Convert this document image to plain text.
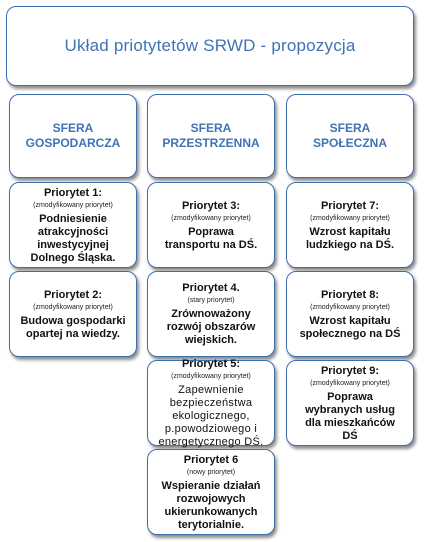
Układ priotytetów SRWD - propozycja
SFERA
GOSPODARCZA
SFERA
PRZESTRZENNA
SFERA
SPOŁECZNA
Priorytet 1:
(zmodyfikowany priorytet)
Podniesienie
atrakcyjności
inwestycyjnej
Dolnego Śląska.
Priorytet 2:
(zmodyfikowany priorytet)
Budowa gospodarki
opartej na wiedzy.
Priorytet 3:
(zmodyfikowany priorytet)
Poprawa
transportu na DŚ.
Priorytet 4.
(stary priorytet)
Zrównoważony
rozwój obszarów
wiejskich.
Priorytet 5:
(zmodyfikowany priorytet)
Zapewnienie
bezpieczeństwa
ekologicznego,
p.powodziowego i
energetycznego DŚ.
Priorytet 6
(nowy priorytet)
Wspieranie działań
rozwojowych
ukierunkowanych
terytorialnie.
Priorytet 7:
(zmodyfikowany priorytet)
Wzrost kapitału
ludzkiego na DŚ.
Priorytet 8:
(zmodyfikowany priorytet)
Wzrost kapitału
społecznego na DŚ
Priorytet 9:
(zmodyfikowany priorytet)
Poprawa
wybranych usług
dla mieszkańców
DŚ
